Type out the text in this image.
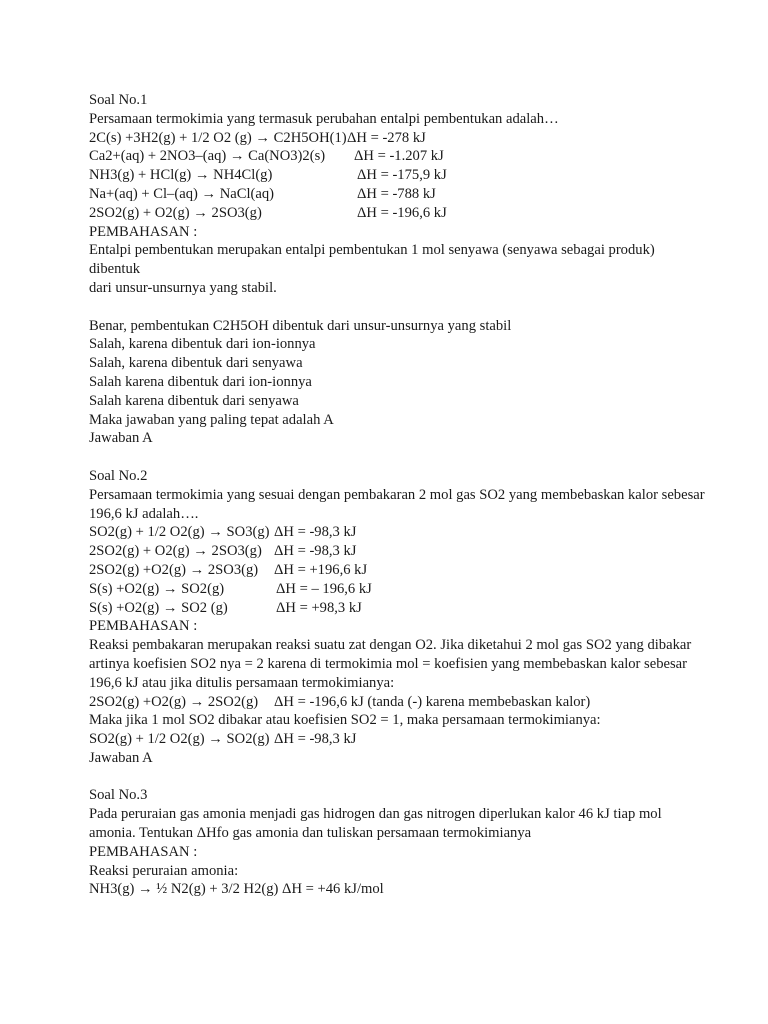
Soal No.1
Persamaan termokimia yang termasuk perubahan entalpi pembentukan adalah…
2C(s) +3H2(g) + 1/2 O2 (g) → C2H5OH(1) ΔH = -278 kJ
Ca2+(aq) + 2NO3–(aq) → Ca(NO3)2(s) ΔH = -1.207 kJ
NH3(g) + HCl(g) → NH4Cl(g)	ΔH = -175,9 kJ
Na+(aq) + Cl–(aq) → NaCl(aq)	ΔH = -788 kJ
2SO2(g) + O2(g) → 2SO3(g)	ΔH = -196,6 kJ
PEMBAHASAN :
Entalpi pembentukan merupakan entalpi pembentukan 1 mol senyawa (senyawa sebagai produk) dibentuk
dari unsur-unsurnya yang stabil.
Benar, pembentukan C2H5OH dibentuk dari unsur-unsurnya yang stabil
Salah, karena dibentuk dari ion-ionnya
Salah, karena dibentuk dari senyawa
Salah karena dibentuk dari ion-ionnya
Salah karena dibentuk dari senyawa
Maka jawaban yang paling tepat adalah A
Jawaban A
Soal No.2
Persamaan termokimia yang sesuai dengan pembakaran 2 mol gas SO2 yang membebaskan kalor sebesar
196,6 kJ adalah….
SO2(g) + 1/2 O2(g) → SO3(g) ΔH = -98,3 kJ
2SO2(g) + O2(g) → 2SO3(g) ΔH = -98,3 kJ
2SO2(g) +O2(g) → 2SO3(g) ΔH = +196,6 kJ
S(s) +O2(g) → SO2(g)	ΔH = – 196,6 kJ
S(s) +O2(g) → SO2 (g)	ΔH = +98,3 kJ
PEMBAHASAN :
Reaksi pembakaran merupakan reaksi suatu zat dengan O2. Jika diketahui 2 mol gas SO2 yang dibakar
artinya koefisien SO2 nya = 2 karena di termokimia mol = koefisien yang membebaskan kalor sebesar
196,6 kJ atau jika ditulis persamaan termokimianya:
2SO2(g) +O2(g) → 2SO2(g) ΔH = -196,6 kJ (tanda (-) karena membebaskan kalor)
Maka jika 1 mol SO2 dibakar atau koefisien SO2 = 1, maka persamaan termokimianya:
SO2(g) + 1/2 O2(g) → SO2(g) ΔH = -98,3 kJ
Jawaban A
Soal No.3
Pada peruraian gas amonia menjadi gas hidrogen dan gas nitrogen diperlukan kalor 46 kJ tiap mol
amonia. Tentukan ΔHfo gas amonia dan tuliskan persamaan termokimianya
PEMBAHASAN :
Reaksi peruraian amonia:
NH3(g) → ½ N2(g) + 3/2 H2(g) ΔH = +46 kJ/mol
